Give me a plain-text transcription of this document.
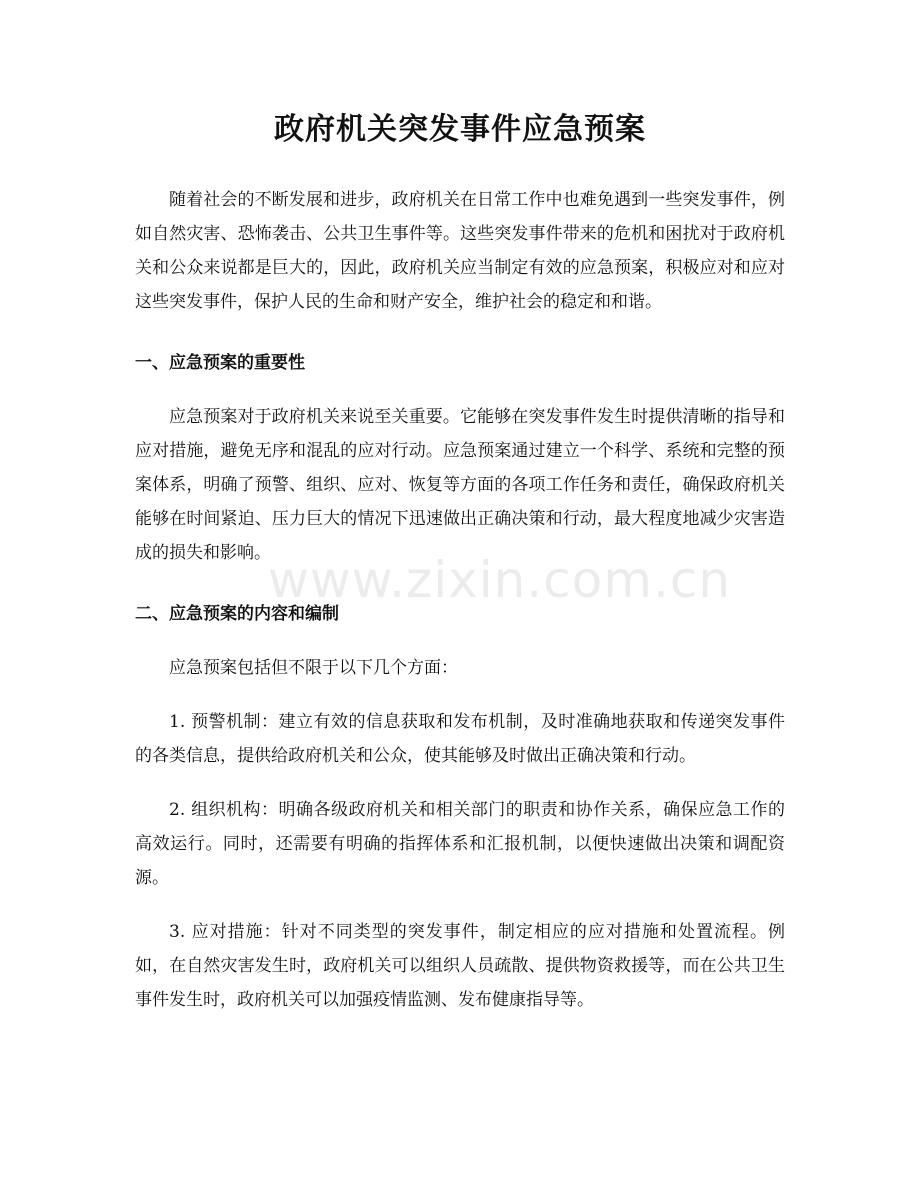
政府机关突发事件应急预案

随着社会的不断发展和进步，政府机关在日常工作中也难免遇到一些突发事件，例如自然灾害、恐怖袭击、公共卫生事件等。这些突发事件带来的危机和困扰对于政府机关和公众来说都是巨大的，因此，政府机关应当制定有效的应急预案，积极应对和应对这些突发事件，保护人民的生命和财产安全，维护社会的稳定和和谐。

一、应急预案的重要性

应急预案对于政府机关来说至关重要。它能够在突发事件发生时提供清晰的指导和应对措施，避免无序和混乱的应对行动。应急预案通过建立一个科学、系统和完整的预案体系，明确了预警、组织、应对、恢复等方面的各项工作任务和责任，确保政府机关能够在时间紧迫、压力巨大的情况下迅速做出正确决策和行动，最大程度地减少灾害造成的损失和影响。

二、应急预案的内容和编制

应急预案包括但不限于以下几个方面：

1. 预警机制：建立有效的信息获取和发布机制，及时准确地获取和传递突发事件的各类信息，提供给政府机关和公众，使其能够及时做出正确决策和行动。

2. 组织机构：明确各级政府机关和相关部门的职责和协作关系，确保应急工作的高效运行。同时，还需要有明确的指挥体系和汇报机制，以便快速做出决策和调配资源。

3. 应对措施：针对不同类型的突发事件，制定相应的应对措施和处置流程。例如，在自然灾害发生时，政府机关可以组织人员疏散、提供物资救援等，而在公共卫生事件发生时，政府机关可以加强疫情监测、发布健康指导等。

www.zixin.com.cn
